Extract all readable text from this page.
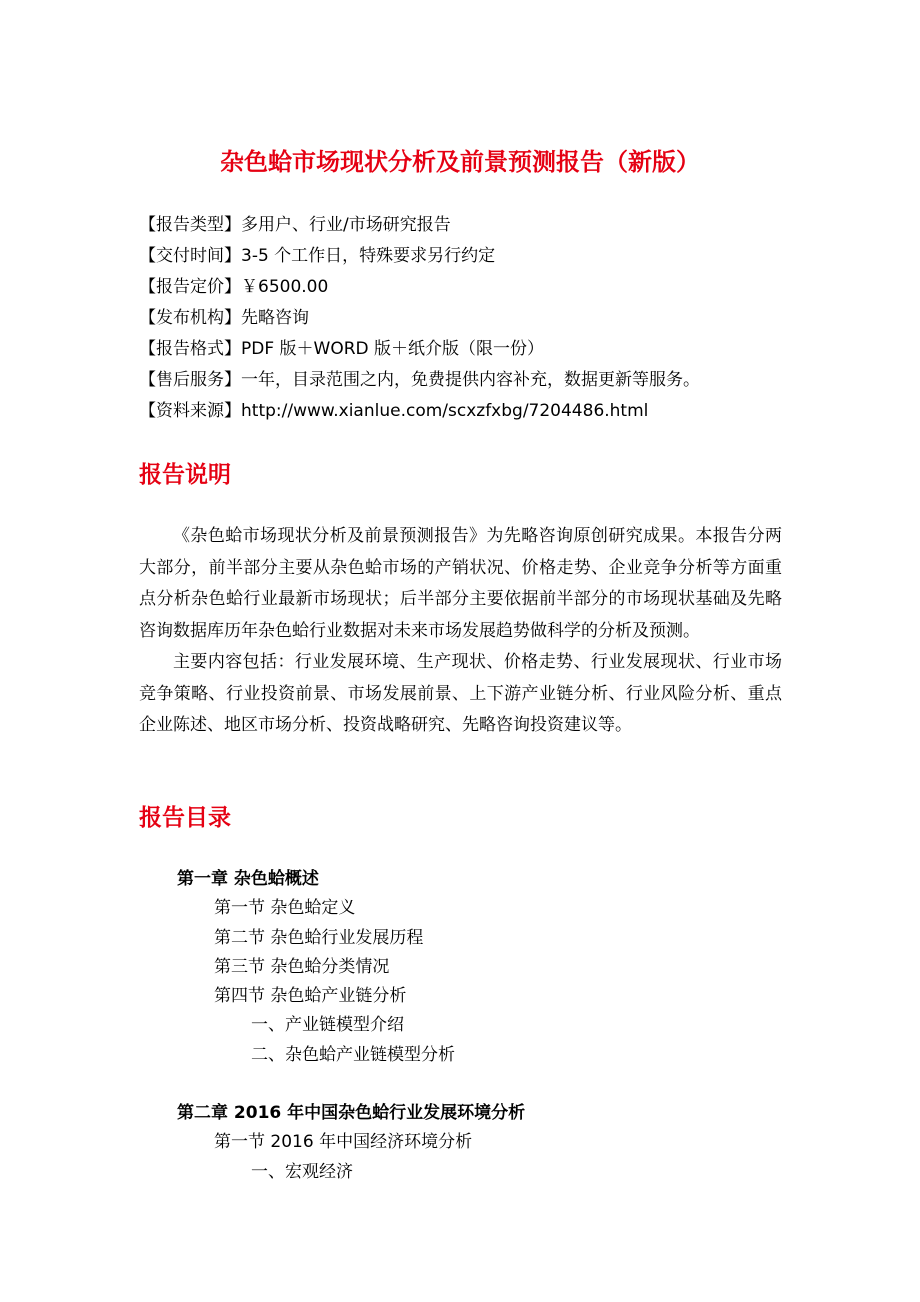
杂色蛤市场现状分析及前景预测报告（新版）
【报告类型】多用户、行业/市场研究报告
【交付时间】3-5 个工作日，特殊要求另行约定
【报告定价】￥6500.00
【发布机构】先略咨询
【报告格式】PDF 版＋WORD 版＋纸介版（限一份）
【售后服务】一年，目录范围之内，免费提供内容补充，数据更新等服务。
【资料来源】http://www.xianlue.com/scxzfxbg/7204486.html
报告说明

《杂色蛤市场现状分析及前景预测报告》为先略咨询原创研究成果。本报告分两大部分，前半部分主要从杂色蛤市场的产销状况、价格走势、企业竞争分析等方面重点分析杂色蛤行业最新市场现状；后半部分主要依据前半部分的市场现状基础及先略咨询数据库历年杂色蛤行业数据对未来市场发展趋势做科学的分析及预测。

主要内容包括：行业发展环境、生产现状、价格走势、行业发展现状、行业市场竞争策略、行业投资前景、市场发展前景、上下游产业链分析、行业风险分析、重点企业陈述、地区市场分析、投资战略研究、先略咨询投资建议等。

报告目录
第一章 杂色蛤概述
第一节 杂色蛤定义
第二节 杂色蛤行业发展历程
第三节 杂色蛤分类情况
第四节 杂色蛤产业链分析
一、产业链模型介绍
二、杂色蛤产业链模型分析
第二章 2016 年中国杂色蛤行业发展环境分析
第一节 2016 年中国经济环境分析
一、宏观经济
